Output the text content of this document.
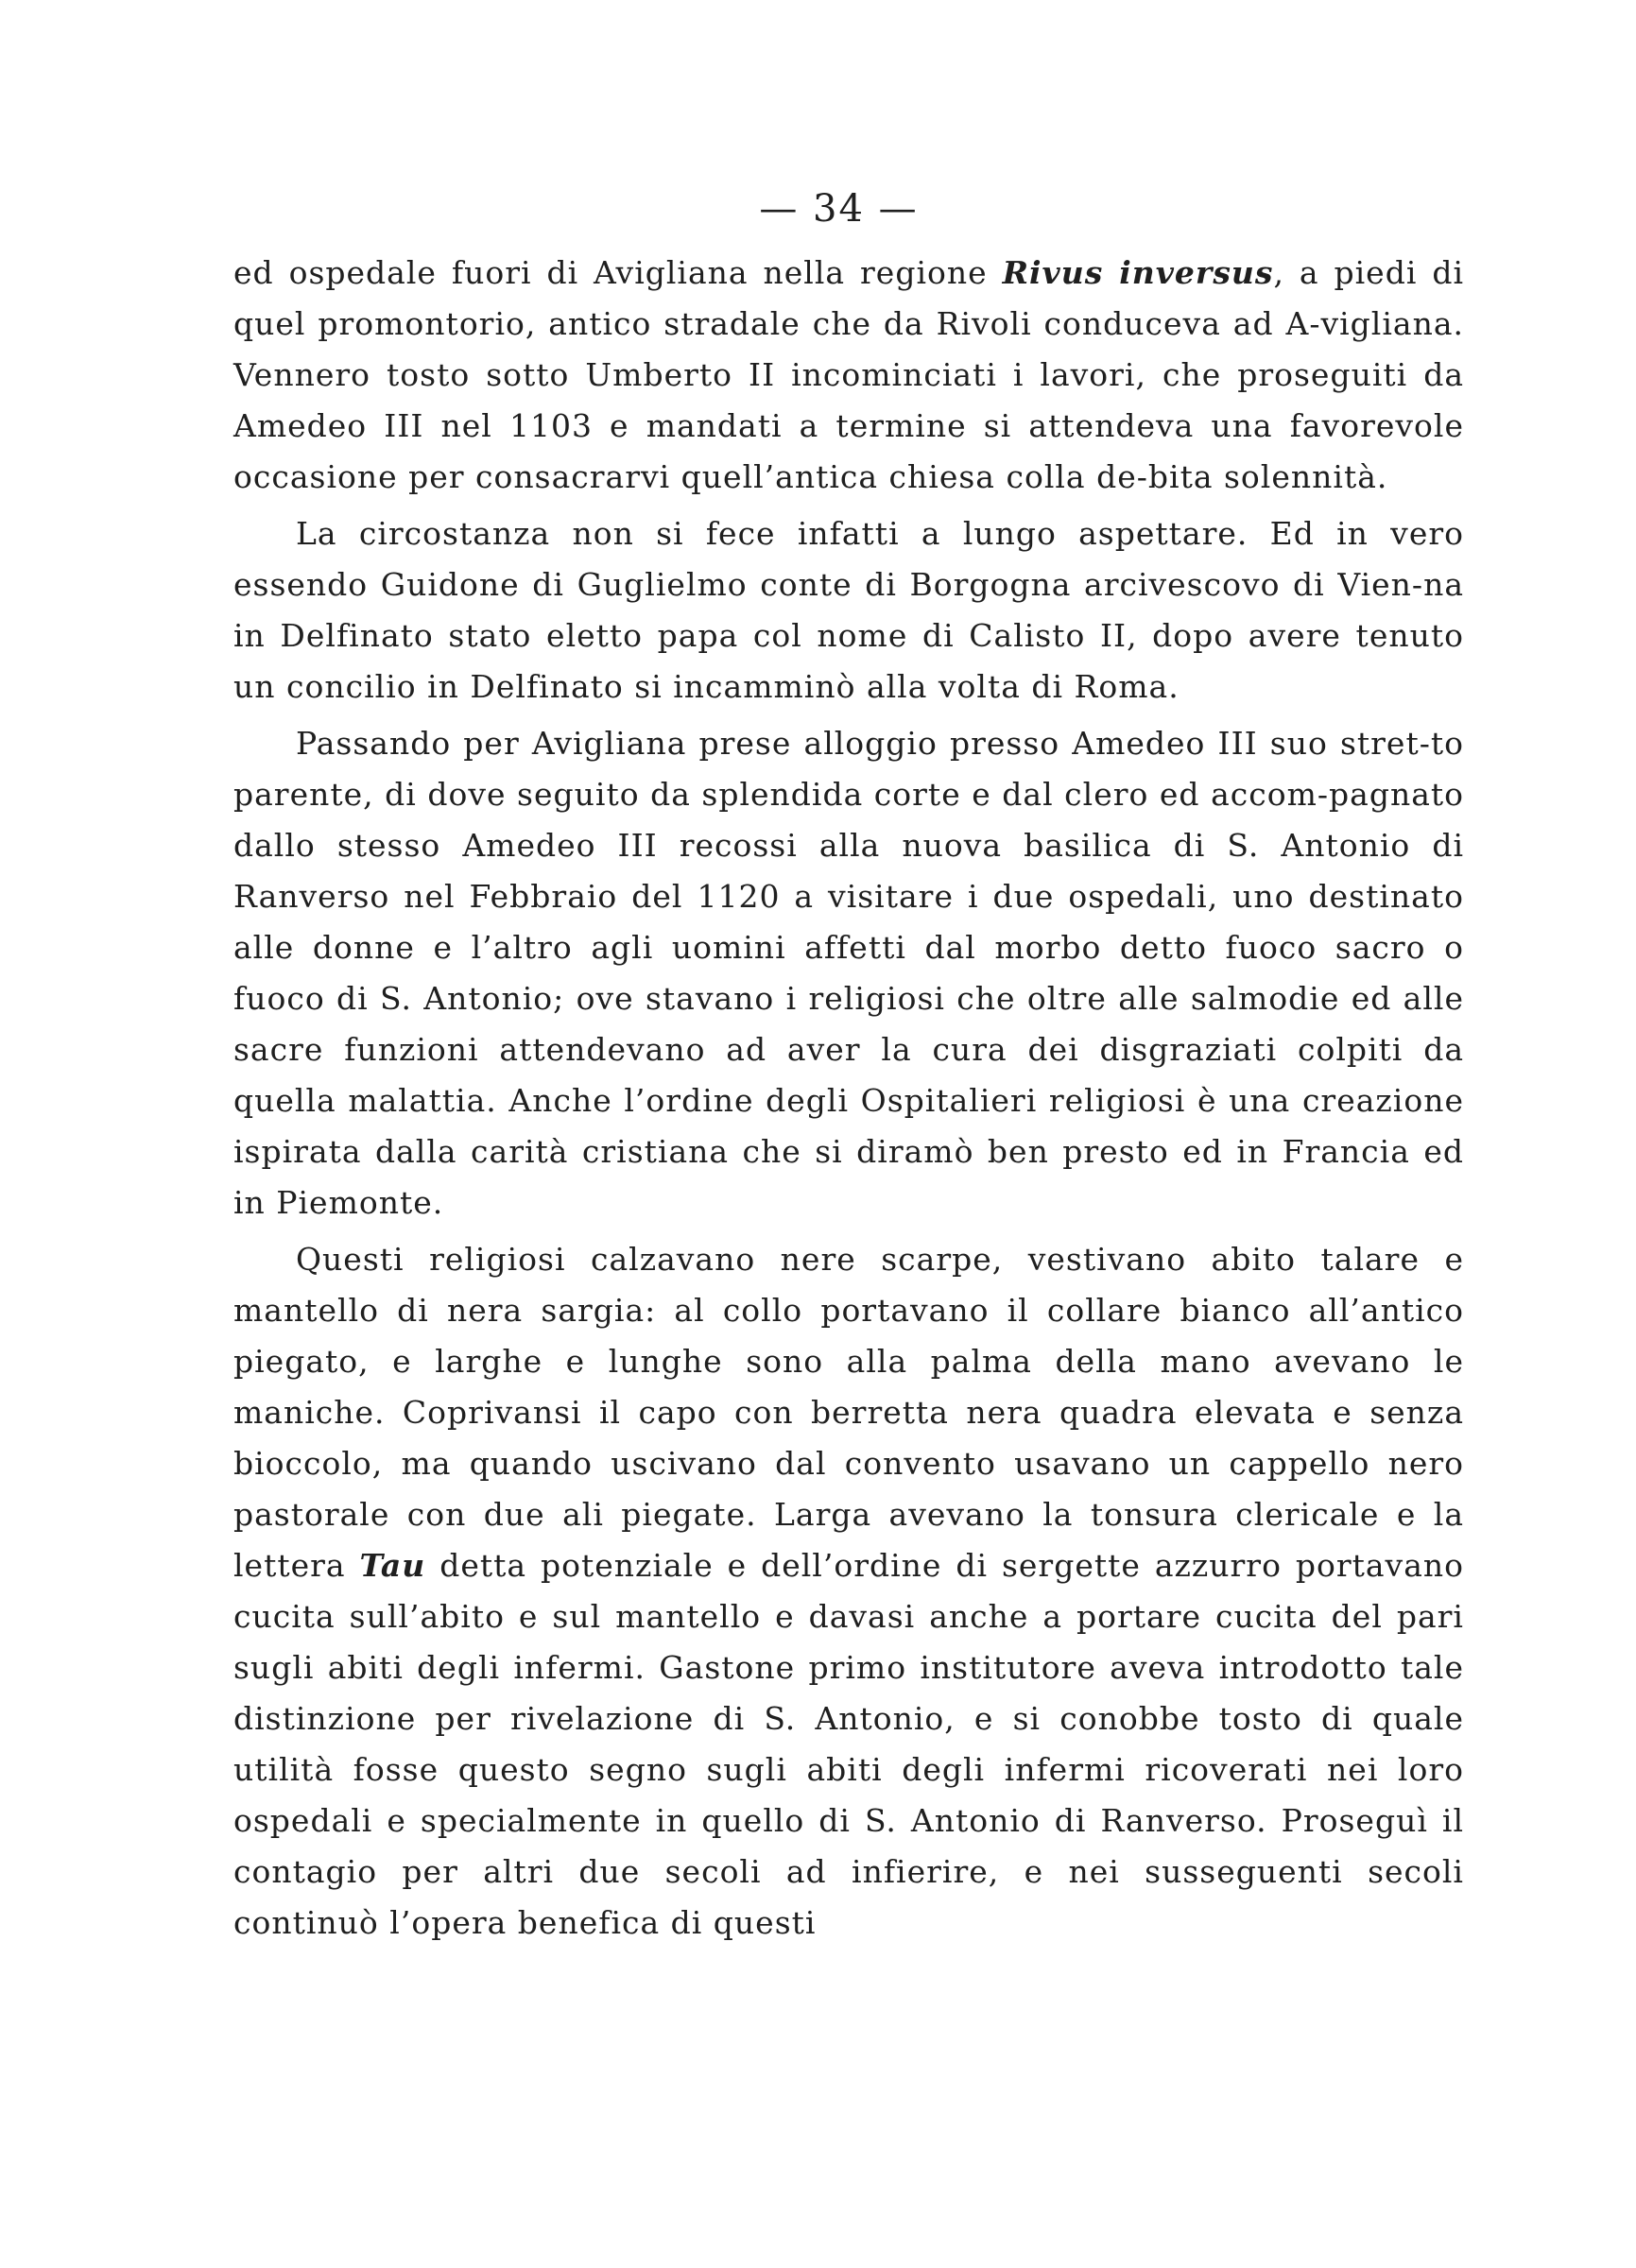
— 34 —

ed ospedale fuori di Avigliana nella regione Rivus inversus, a piedi di quel promontorio, antico stradale che da Rivoli conduceva ad A-vigliana. Vennero tosto sotto Umberto II incominciati i lavori, che proseguiti da Amedeo III nel 1103 e mandati a termine si attendeva una favorevole occasione per consacrarvi quell’antica chiesa colla de-bita solennità.

La circostanza non si fece infatti a lungo aspettare. Ed in vero essendo Guidone di Guglielmo conte di Borgogna arcivescovo di Vien-na in Delfinato stato eletto papa col nome di Calisto II, dopo avere tenuto un concilio in Delfinato si incamminò alla volta di Roma.

Passando per Avigliana prese alloggio presso Amedeo III suo stret-to parente, di dove seguito da splendida corte e dal clero ed accom-pagnato dallo stesso Amedeo III recossi alla nuova basilica di S. Antonio di Ranverso nel Febbraio del 1120 a visitare i due ospedali, uno destinato alle donne e l’altro agli uomini affetti dal morbo detto fuoco sacro o fuoco di S. Antonio; ove stavano i religiosi che oltre alle salmodie ed alle sacre funzioni attendevano ad aver la cura dei disgraziati colpiti da quella malattia. Anche l’ordine degli Ospitalieri religiosi è una creazione ispirata dalla carità cristiana che si diramò ben presto ed in Francia ed in Piemonte.

Questi religiosi calzavano nere scarpe, vestivano abito talare e mantello di nera sargia: al collo portavano il collare bianco all’antico piegato, e larghe e lunghe sono alla palma della mano avevano le maniche. Coprivansi il capo con berretta nera quadra elevata e senza bioccolo, ma quando uscivano dal convento usavano un cappello nero pastorale con due ali piegate. Larga avevano la tonsura clericale e la lettera Tau detta potenziale e dell’ordine di sergette azzurro portavano cucita sull’abito e sul mantello e davasi anche a portare cucita del pari sugli abiti degli infermi. Gastone primo institutore aveva introdotto tale distinzione per rivelazione di S. Antonio, e si conobbe tosto di quale utilità fosse questo segno sugli abiti degli infermi ricoverati nei loro ospedali e specialmente in quello di S. Antonio di Ranverso. Proseguì il contagio per altri due secoli ad infierire, e nei susseguenti secoli continuò l’opera benefica di questi
